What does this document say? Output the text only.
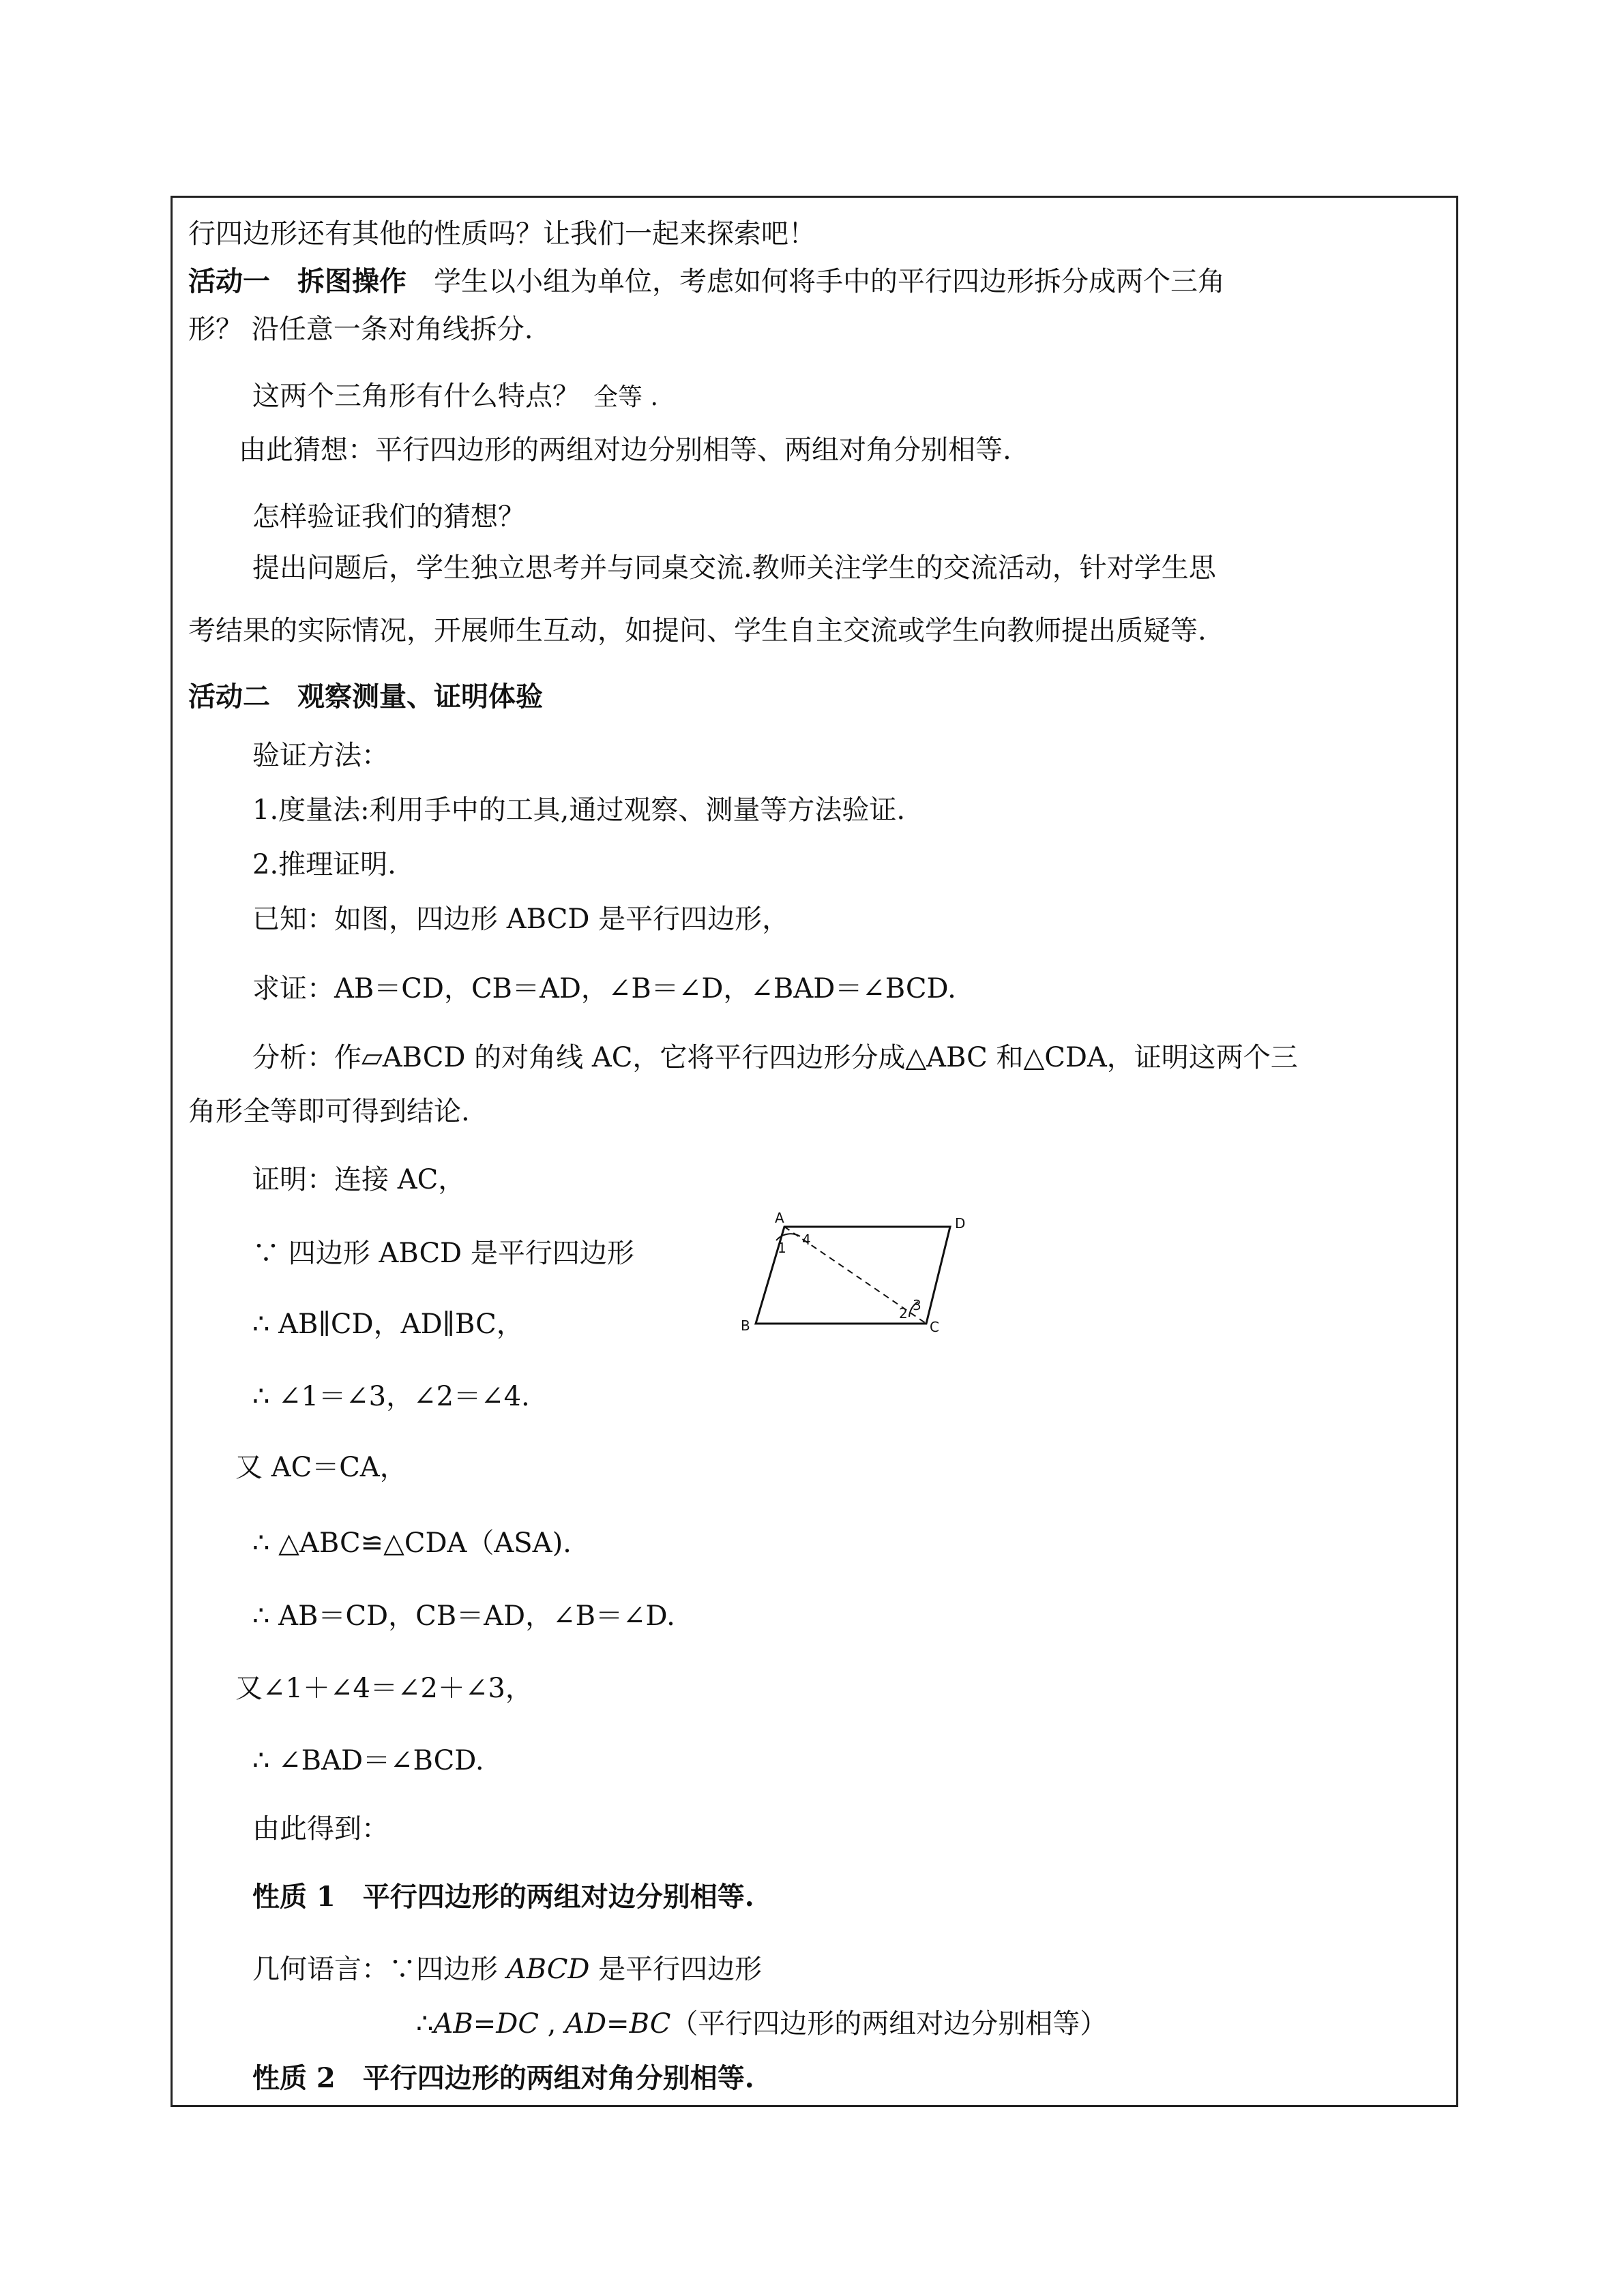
行四边形还有其他的性质吗？让我们一起来探索吧！
活动一 拆图操作 学生以小组为单位，考虑如何将手中的平行四边形拆分成两个三角
形？ 沿任意一条对角线拆分.
这两个三角形有什么特点？ 全等 .
由此猜想：平行四边形的两组对边分别相等、两组对角分别相等.
怎样验证我们的猜想？
提出问题后，学生独立思考并与同桌交流.教师关注学生的交流活动，针对学生思
考结果的实际情况，开展师生互动，如提问、学生自主交流或学生向教师提出质疑等.
活动二 观察测量、证明体验
验证方法：
1.度量法:利用手中的工具,通过观察、测量等方法验证.
2.推理证明.
已知：如图，四边形 ABCD 是平行四边形，
求证：AB＝CD，CB＝AD，∠B＝∠D，∠BAD＝∠BCD.
分析：作▱ABCD 的对角线 AC，它将平行四边形分成△ABC 和△CDA，证明这两个三
角形全等即可得到结论.
证明：连接 AC，
∵ 四边形 ABCD 是平行四边形
∴ AB∥CD，AD∥BC，
∴ ∠1＝∠3，∠2＝∠4.
又 AC＝CA，
∴ △ABC≌△CDA（ASA).
∴ AB＝CD，CB＝AD，∠B＝∠D.
又∠1＋∠4＝∠2＋∠3，
∴ ∠BAD＝∠BCD.
由此得到：
性质 1 平行四边形的两组对边分别相等.
几何语言：∵四边形 ABCD 是平行四边形
∴AB=DC , AD=BC（平行四边形的两组对边分别相等）
性质 2 平行四边形的两组对角分别相等.
A	D
B	C
1 4
2 3
